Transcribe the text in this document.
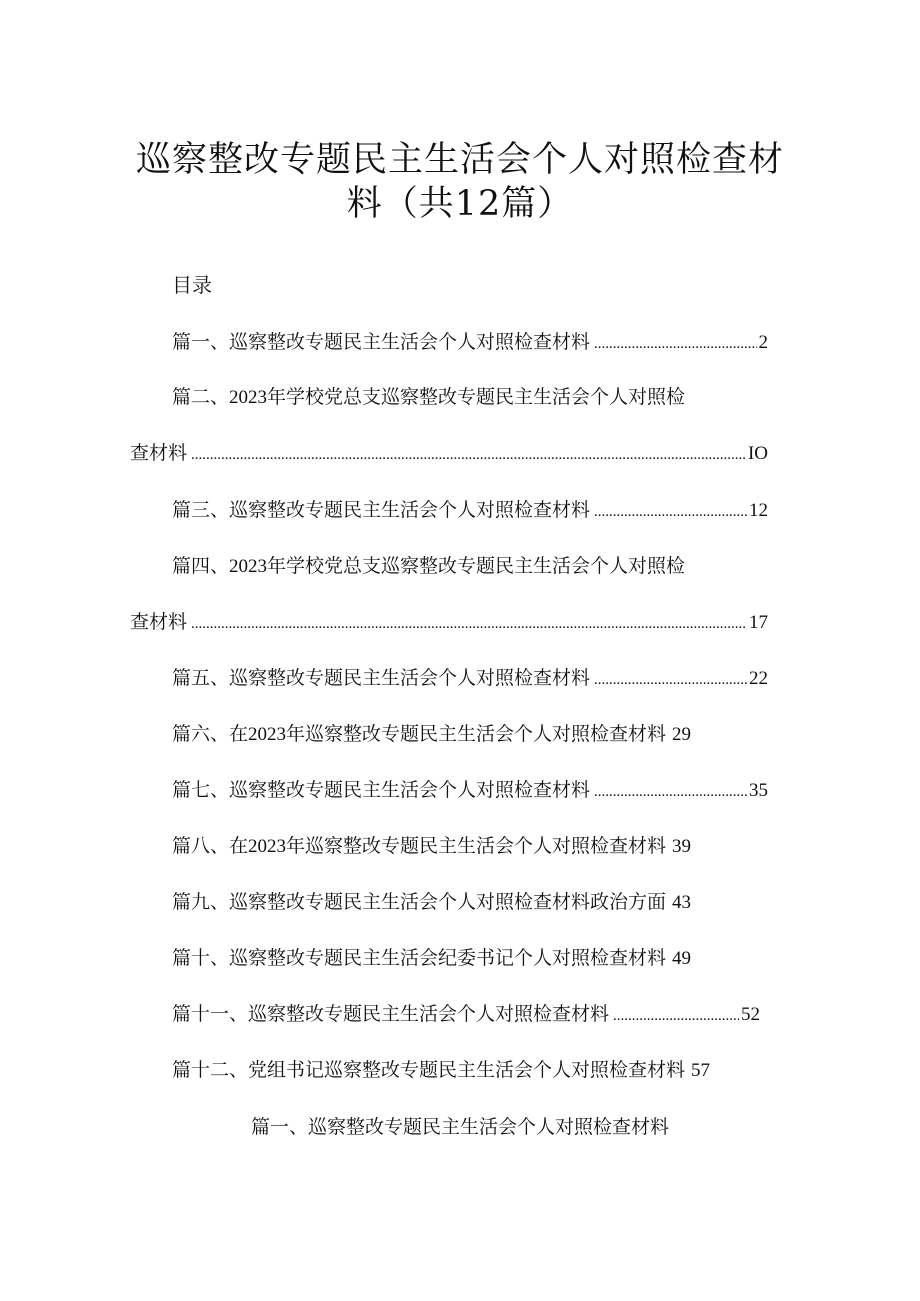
巡察整改专题民主生活会个人对照检查材
料（共12篇）
目录
篇一、巡察整改专题民主生活会个人对照检查材料 .....	2
篇二、2023年学校党总支巡察整改专题民主生活会个人对照检
查材料 .....	IO
篇三、巡察整改专题民主生活会个人对照检查材料 .....	12
篇四、2023年学校党总支巡察整改专题民主生活会个人对照检
查材料 .....	17
篇五、巡察整改专题民主生活会个人对照检查材料 .....	22
篇六、在2023年巡察整改专题民主生活会个人对照检查材料 29
篇七、巡察整改专题民主生活会个人对照检查材料 .....	35
篇八、在2023年巡察整改专题民主生活会个人对照检查材料 39
篇九、巡察整改专题民主生活会个人对照检查材料政治方面 43
篇十、巡察整改专题民主生活会纪委书记个人对照检查材料 49
篇十一、巡察整改专题民主生活会个人对照检查材料 .....	52
篇十二、党组书记巡察整改专题民主生活会个人对照检查材料 57
篇一、巡察整改专题民主生活会个人对照检查材料
